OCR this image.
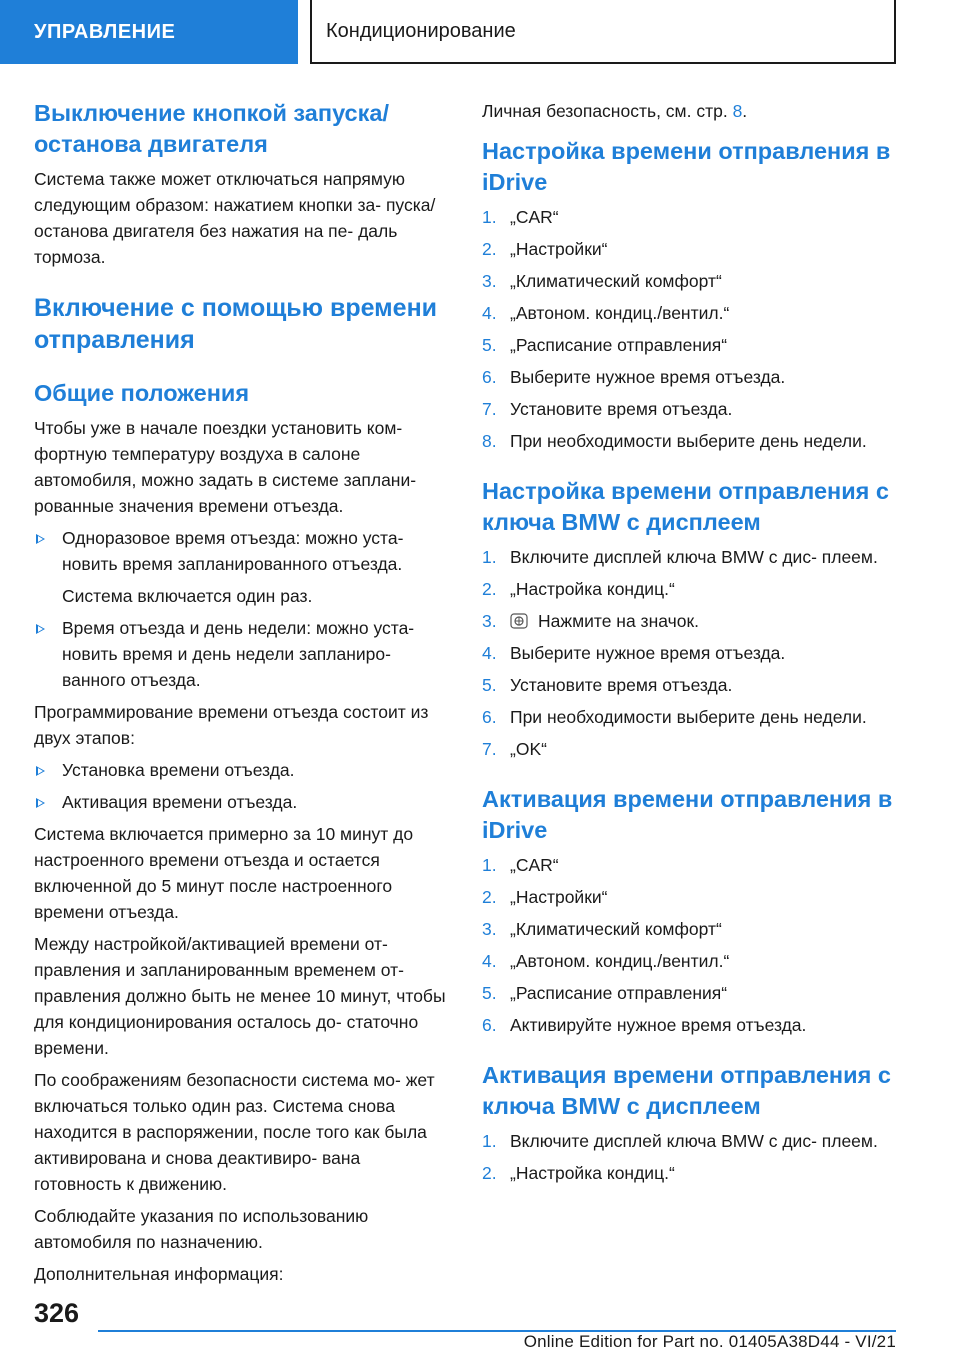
УПРАВЛЕНИЕ	Кондиционирование
Выключение кнопкой запуска/ останова двигателя

Система также может отключаться напрямую следующим образом: нажатием кнопки за- пуска/останова двигателя без нажатия на пе- даль тормоза.

Включение с помощью времени отправления
Общие положения

Чтобы уже в начале поездки установить ком- фортную температуру воздуха в салоне автомобиля, можно задать в системе заплани- рованные значения времени отъезда.

Одноразовое время отъезда: можно уста- новить время запланированного отъезда.
Система включается один раз.
Время отъезда и день недели: можно уста- новить время и день недели запланиро- ванного отъезда.

Программирование времени отъезда состоит из двух этапов:

Установка времени отъезда.
Активация времени отъезда.

Система включается примерно за 10 минут до настроенного времени отъезда и остается включенной до 5 минут после настроенного времени отъезда.

Между настройкой/активацией времени от- правления и запланированным временем от- правления должно быть не менее 10 минут, чтобы для кондиционирования осталось до- статочно времени.

По соображениям безопасности система мо- жет включаться только один раз. Система снова находится в распоряжении, после того как была активирована и снова деактивиро- вана готовность к движению.

Соблюдайте указания по использованию автомобиля по назначению.

Дополнительная информация:

Личная безопасность, см. стр. 8.

Настройка времени отправления в iDrive
1. „CAR“
2. „Настройки“
3. „Климатический комфорт“
4. „Автоном. кондиц./вентил.“
5. „Расписание отправления“
6. Выберите нужное время отъезда.
7. Установите время отъезда.
8. При необходимости выберите день недели.
Настройка времени отправления с ключа BMW с дисплеем
1. Включите дисплей ключа BMW с дис- плеем.
2. „Настройка кондиц.“
3. Нажмите на значок.
4. Выберите нужное время отъезда.
5. Установите время отъезда.
6. При необходимости выберите день недели.
7. „OK“
Активация времени отправления в iDrive
1. „CAR“
2. „Настройки“
3. „Климатический комфорт“
4. „Автоном. кондиц./вентил.“
5. „Расписание отправления“
6. Активируйте нужное время отъезда.
Активация времени отправления с ключа BMW с дисплеем
1. Включите дисплей ключа BMW с дис- плеем.
2. „Настройка кондиц.“
326
Online Edition for Part no. 01405A38D44 - VI/21
